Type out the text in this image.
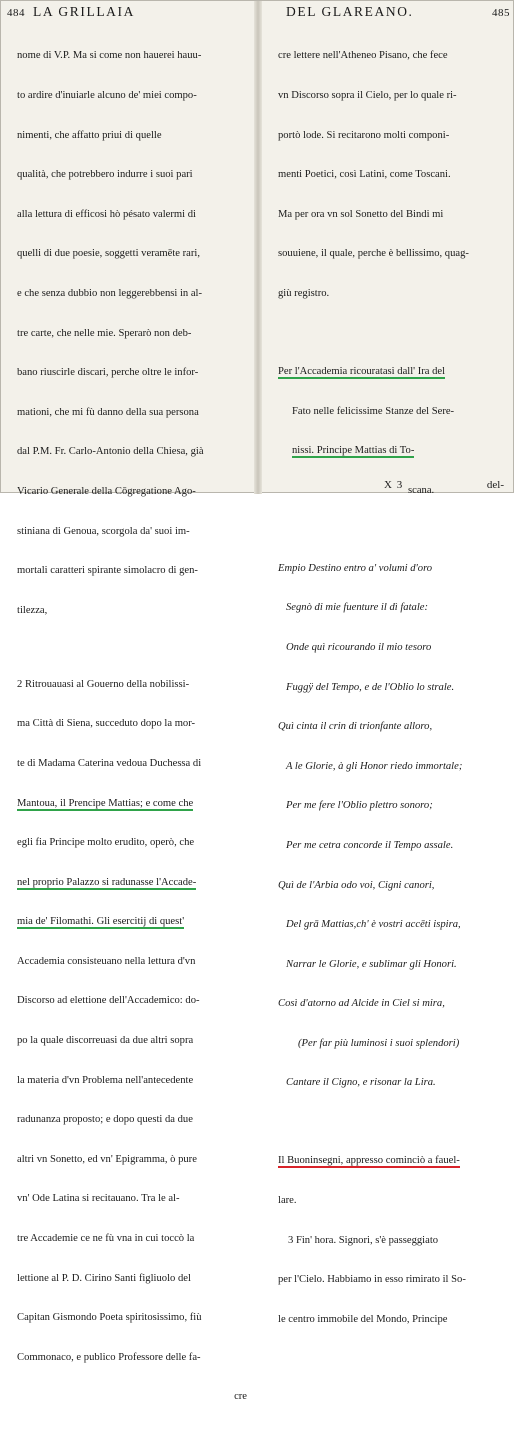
484 LA GRILLAIA

nome di V.P. Ma si come non hauerei hauu-

to ardire d'inuiarle alcuno de' miei compo-

nimenti, che affatto priui di quelle

qualità, che potrebbero indurre i suoi pari

alla lettura di efficosi hò pésato valermi di

quelli di due poesie, soggetti veramēte rari,

e che senza dubbio non leggerebbensi in al-

tre carte, che nelle mie. Sperarò non deb-

bano riuscirle discari, perche oltre le infor-

mationi, che mi fù danno della sua persona

dal P.M. Fr. Carlo-Antonio della Chiesa, già

Vicario Generale della Cōgregatione Ago-

stiniana di Genoua, scorgolа da' suoi im-

mortali caratteri spirante simolacro di gen-

tilezza,

2 Ritrouauasi al Gouerno della nobilissi-

ma Città di Siena, succeduto dopo la mor-

te di Madama Caterina vedoua Duchessa di

Mantoua, il Prencipe Mattias; e come che

egli fia Principe molto erudito, operò, che

nel proprio Palazzo si radunasse l'Accade-

mia de' Filomathi. Gli esercitij di quest'

Accademia consisteuano nella lettura d'vn

Discorso ad elettione dell'Accademico: do-

po la quale discorreuasi da due altri sopra

la materia d'vn Problema nell'antecedente

radunanza proposto; e dopo questi da due

altri vn Sonetto, ed vn' Epigramma, ò pure

vn' Ode Latina si recitauano. Tra le al-

tre Accademie ce ne fù vna in cui toccò la

lettione al P. D. Cirino Santi figliuolo del

Capitan Gismondo Poeta spiritosissimo, fiù

Commonaco, e publico Professore delle fa-

cre

DEL GLAREANO.	485

cre lettere nell'Atheneo Pisano, che fece

vn Discorso sopra il Cielo, per lo quale ri-

portò lode. Si recitarono molti componi-

menti Poetici, così Latini, come Toscani.

Ma per ora vn sol Sonetto del Bindi mi

souuiene, il quale, perche è bellissimo, quag-

giù registro.

Per l'Accademia ricouratasi dall' Ira del

Fato nelle felicissime Stanze del Sere-

nissi. Principe Mattias di To-

scana.

Empio Destino entro a' volumi d'oro

Segnò di mie fuenture il dì fatale:

Onde quì ricourando il mio tesoro

Fuggÿ del Tempo, e de l'Oblio lo strale.

Quì cinta il crin di trionfante alloro,

A le Glorie, à gli Honor riedo immortale;

Per me fere l'Oblio plettro sonoro;

Per me cetra concorde il Tempo assale.

Quì de l'Arbia odo voi, Cigni canori,

Del grā Mattias,ch' è vostri accēti ispira,

Narrar le Glorie, e sublimar gli Honori.

Così d'atorno ad Alcide in Ciel si mira,

(Per far più luminosi i suoi splendori)

Cantare il Cigno, e risonar la Lira.

Il Buoninsegni, appresso cominciò a fauel-

lare.

3 Fin' hora. Signori, s'è passeggiato

per l'Cielo. Habbiamo in esso rimirato il So-

le centro immobile del Mondo, Principe

X 3	del-
